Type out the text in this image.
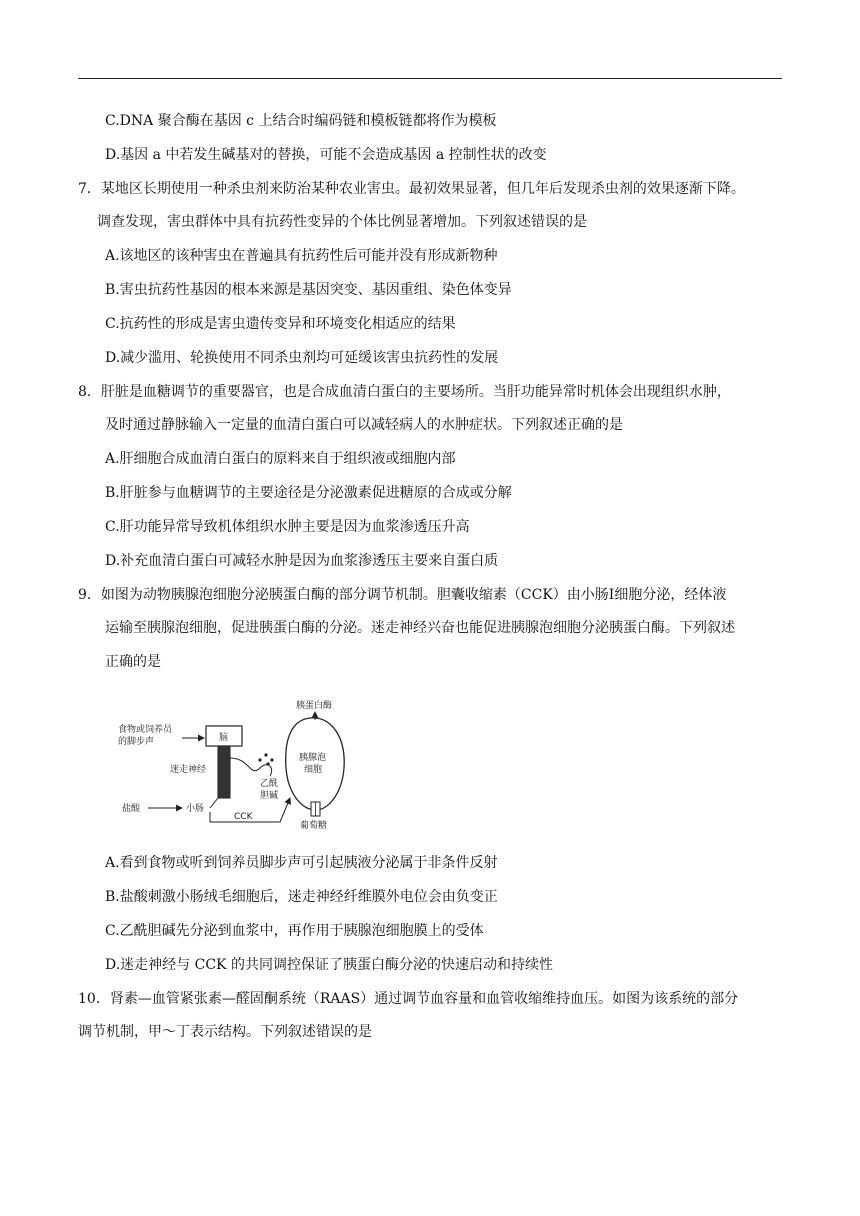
C.DNA 聚合酶在基因 c 上结合时编码链和模板链都将作为模板
D.基因 a 中若发生碱基对的替换，可能不会造成基因 a 控制性状的改变
7．某地区长期使用一种杀虫剂来防治某种农业害虫。最初效果显著，但几年后发现杀虫剂的效果逐渐下降。
调查发现，害虫群体中具有抗药性变异的个体比例显著增加。下列叙述错误的是
A.该地区的该种害虫在普遍具有抗药性后可能并没有形成新物种
B.害虫抗药性基因的根本来源是基因突变、基因重组、染色体变异
C.抗药性的形成是害虫遗传变异和环境变化相适应的结果
D.减少滥用、轮换使用不同杀虫剂均可延缓该害虫抗药性的发展
8．肝脏是血糖调节的重要器官，也是合成血清白蛋白的主要场所。当肝功能异常时机体会出现组织水肿，
及时通过静脉输入一定量的血清白蛋白可以减轻病人的水肿症状。下列叙述正确的是
A.肝细胞合成血清白蛋白的原料来自于组织液或细胞内部
B.肝脏参与血糖调节的主要途径是分泌激素促进糖原的合成或分解
C.肝功能异常导致机体组织水肿主要是因为血浆渗透压升高
D.补充血清白蛋白可减轻水肿是因为血浆渗透压主要来自蛋白质
9．如图为动物胰腺泡细胞分泌胰蛋白酶的部分调节机制。胆囊收缩素（CCK）由小肠Ⅰ细胞分泌，经体液
运输至胰腺泡细胞，促进胰蛋白酶的分泌。迷走神经兴奋也能促进胰腺泡细胞分泌胰蛋白酶。下列叙述
正确的是
食物或饲养员
的脚步声	脑
迷走神经
乙酰
胆碱
盐酸	小肠
CCK
胰腺泡
细胞
胰蛋白酶
葡萄糖
A.看到食物或听到饲养员脚步声可引起胰液分泌属于非条件反射
B.盐酸刺激小肠绒毛细胞后，迷走神经纤维膜外电位会由负变正
C.乙酰胆碱先分泌到血浆中，再作用于胰腺泡细胞膜上的受体
D.迷走神经与 CCK 的共同调控保证了胰蛋白酶分泌的快速启动和持续性
10．肾素—血管紧张素—醛固酮系统（RAAS）通过调节血容量和血管收缩维持血压。如图为该系统的部分
调节机制，甲～丁表示结构。下列叙述错误的是
